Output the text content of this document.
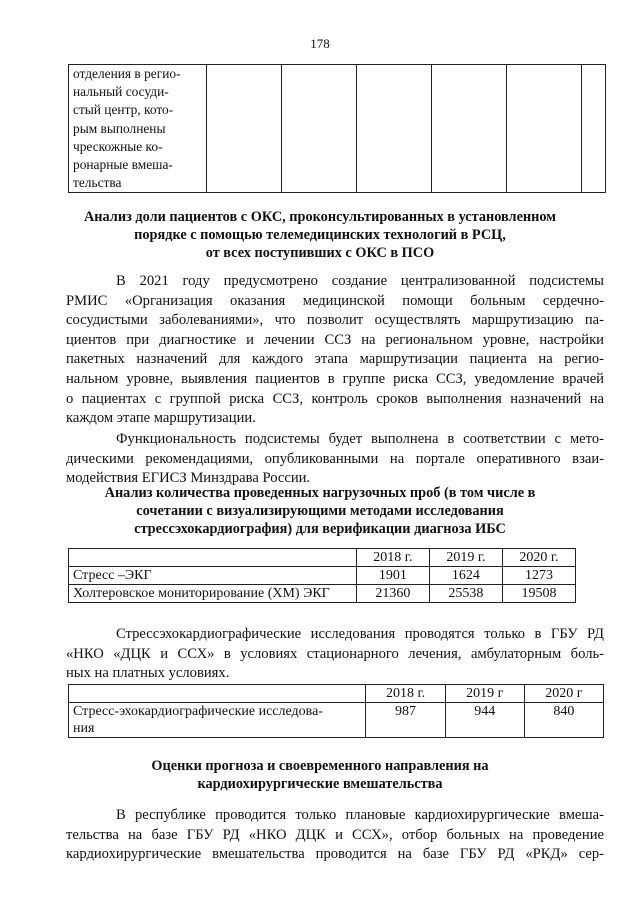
178
отделения в регио-
нальный сосуди-
стый центр, кото-
рым выполнены
чрескожные ко-
ронарные вмеша-
тельства

Анализ доли пациентов с ОКС, проконсультированных в установленном
порядке с помощью телемедицинских технологий в РСЦ,
от всех поступивших с ОКС в ПСО
В 2021 году предусмотрено создание централизованной подсистемы
РМИС «Организация оказания медицинской помощи больным сердечно-
сосудистыми заболеваниями», что позволит осуществлять маршрутизацию па-
циентов при диагностике и лечении ССЗ на региональном уровне, настройки
пакетных назначений для каждого этапа маршрутизации пациента на регио-
нальном уровне, выявления пациентов в группе риска ССЗ, уведомление врачей
о пациентах с группой риска ССЗ, контроль сроков выполнения назначений на
каждом этапе маршрутизации.
Функциональность подсистемы будет выполнена в соответствии с мето-
дическими рекомендациями, опубликованными на портале оперативного взаи-
модействия ЕГИСЗ Минздрава России.
Анализ количества проведенных нагрузочных проб (в том числе в
сочетании с визуализирующими методами исследования
стрессэхокардиография) для верификации диагноза ИБС
	2018 г.	2019 г.	2020 г.
Стресс –ЭКГ	1901	1624	1273
Холтеровское мониторирование (ХМ) ЭКГ	21360	25538	19508
Стрессэхокардиографические исследования проводятся только в ГБУ РД
«НКО «ДЦК и ССХ» в условиях стационарного лечения, амбулаторным боль-
ных на платных условиях.
	2018 г.	2019 г	2020 г

Стресс-эхокардиографические исследова-
ния	987	944	840
Оценки прогноза и своевременного направления на
кардиохирургические вмешательства
В республике проводится только плановые кардиохирургические вмеша-
тельства на базе ГБУ РД «НКО ДЦК и ССХ», отбор больных на проведение
кардиохирургические вмешательства проводится на базе ГБУ РД «РКД» сер-
